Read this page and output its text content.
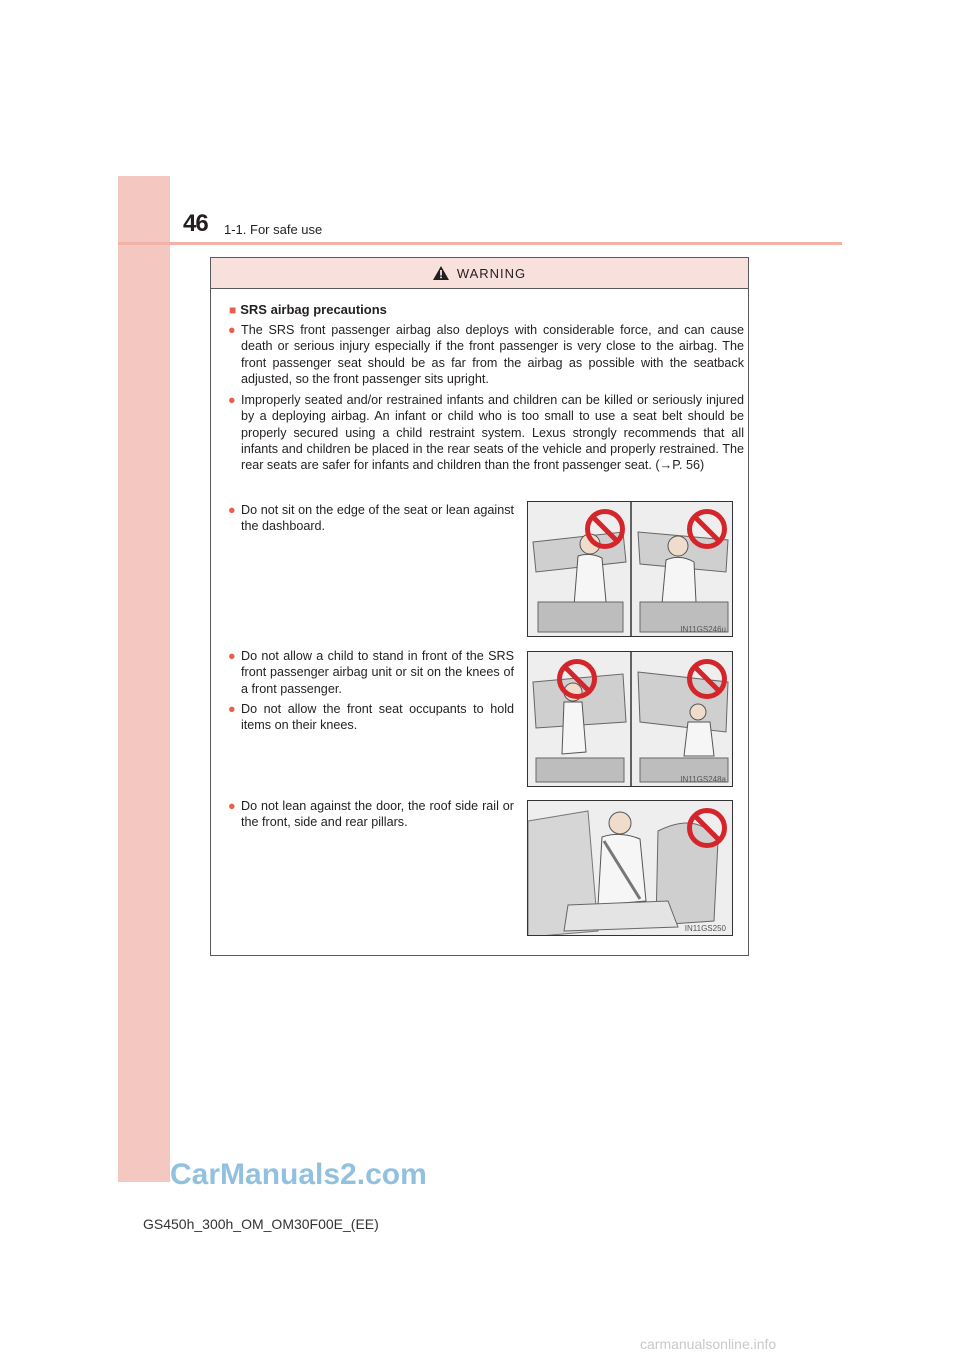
46 1-1. For safe use
WARNING
■ SRS airbag precautions
● The SRS front passenger airbag also deploys with considerable force, and can cause death or serious injury especially if the front passenger is very close to the airbag. The front passenger seat should be as far from the airbag as possible with the seatback adjusted, so the front passenger sits upright.
● Improperly seated and/or restrained infants and children can be killed or seriously injured by a deploying airbag. An infant or child who is too small to use a seat belt should be properly secured using a child restraint system. Lexus strongly recommends that all infants and children be placed in the rear seats of the vehicle and properly restrained. The rear seats are safer for infants and children than the front passenger seat. (→P. 56)
● Do not sit on the edge of the seat or lean against the dashboard.
● Do not allow a child to stand in front of the SRS front passenger airbag unit or sit on the knees of a front passenger.
● Do not allow the front seat occupants to hold items on their knees.
● Do not lean against the door, the roof side rail or the front, side and rear pillars.
IN11GS246u
IN11GS248a
IN11GS250
CarManuals2.com
GS450h_300h_OM_OM30F00E_(EE)
carmanualsonline.info
